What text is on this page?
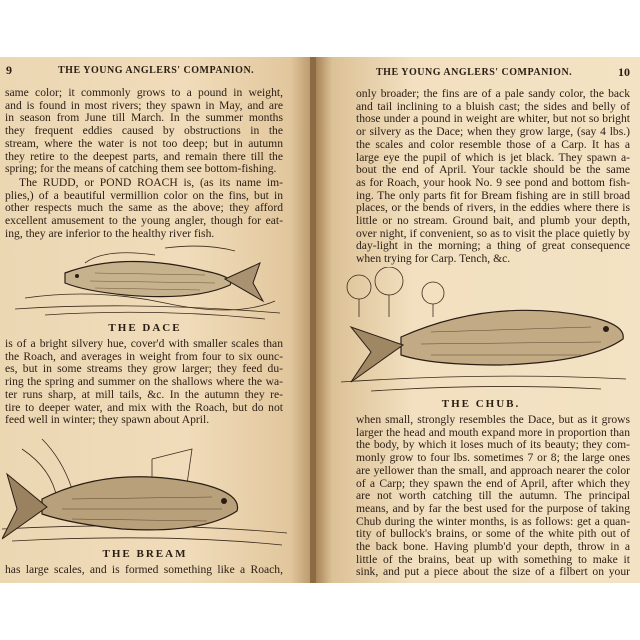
9	THE YOUNG ANGLERS' COMPANION.
same color; it commonly grows to a pound in weight,
and is found in most rivers; they spawn in May, and are
in season from June till March. In the summer months
they frequent eddies caused by obstructions in the
stream, where the water is not too deep; but in autumn
they retire to the deepest parts, and remain there till the
spring; for the means of catching them see bottom-fishing.
The RUDD, or POND ROACH is, (as its name im-
plies,) of a beautiful vermillion color on the fins, but in
other respects much the same as the above; they afford
excellent amusement to the young angler, though for eat-
ing, they are inferior to the healthy river fish.
THE DACE
is of a bright silvery hue, cover'd with smaller scales than
the Roach, and averages in weight from four to six ounc-
es, but in some streams they grow larger; they feed du-
ring the spring and summer on the shallows where the wa-
ter runs sharp, at mill tails, &c. In the autumn they re-
tire to deeper water, and mix with the Roach, but do not
feed well in winter; they spawn about April.
THE BREAM
has large scales, and is formed something like a Roach,
THE YOUNG ANGLERS' COMPANION.	10
only broader; the fins are of a pale sandy color, the back
and tail inclining to a bluish cast; the sides and belly of
those under a pound in weight are whiter, but not so bright
or silvery as the Dace; when they grow large, (say 4 lbs.)
the scales and color resemble those of a Carp. It has a
large eye the pupil of which is jet black. They spawn a-
bout the end of April. Your tackle should be the same
as for Roach, your hook No. 9 see pond and bottom fish-
ing. The only parts fit for Bream fishing are in still broad
places, or the bends of rivers, in the eddies where there is
little or no stream. Ground bait, and plumb your depth,
over night, if convenient, so as to visit the place quietly by
day-light in the morning; a thing of great consequence
when trying for Carp. Tench, &c.
THE CHUB.
when small, strongly resembles the Dace, but as it grows
larger the head and mouth expand more in proportion than
the body, by which it loses much of its beauty; they com-
monly grow to four lbs. sometimes 7 or 8; the large ones
are yellower than the small, and approach nearer the color
of a Carp; they spawn the end of April, after which they
are not worth catching till the autumn. The principal
means, and by far the best used for the purpose of taking
Chub during the winter months, is as follows: get a quan-
tity of bullock's brains, or some of the white pith out of
the back bone. Having plumb'd your depth, throw in a
little of the brains, beat up with something to make it
sink, and put a piece about the size of a filbert on your
